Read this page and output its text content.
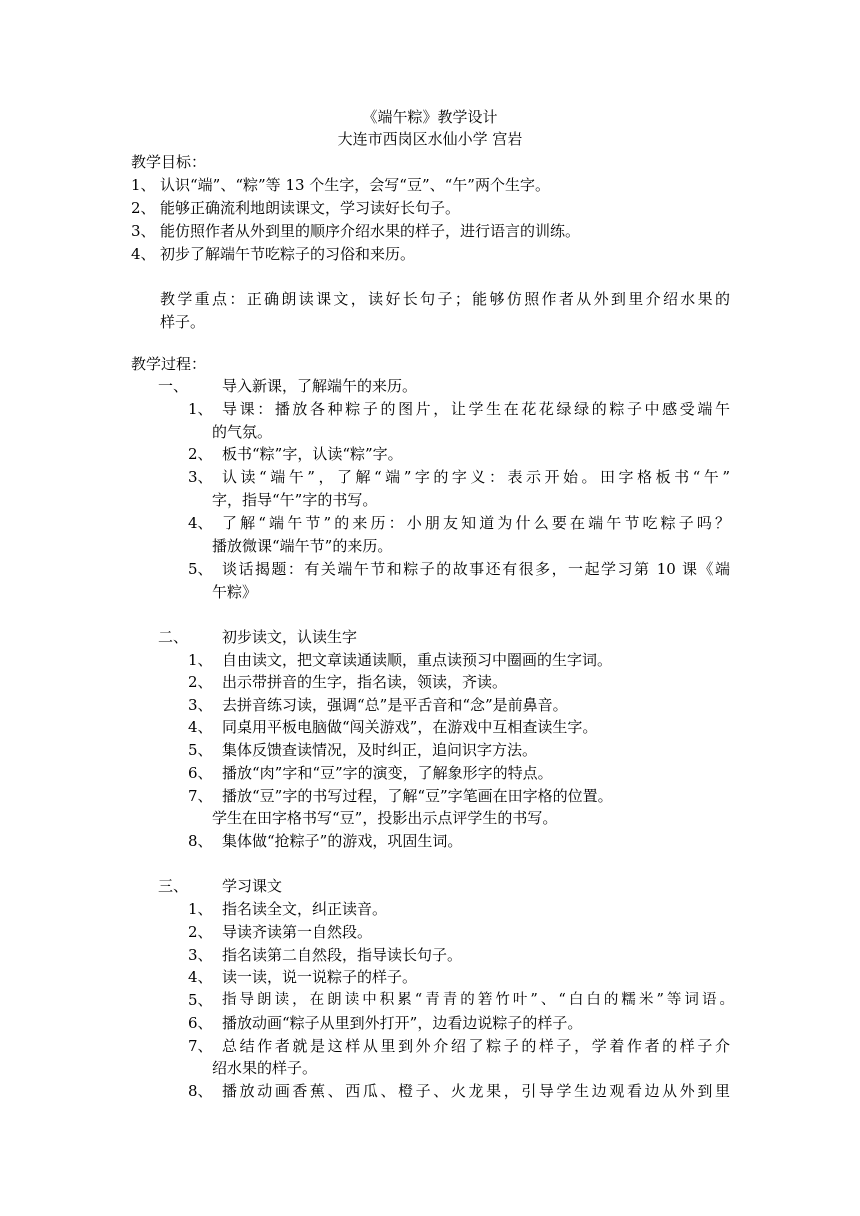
《端午粽》教学设计
大连市西岗区水仙小学 宫岩
教学目标：
1、 认识“端”、“粽”等 13 个生字，会写“豆”、“午”两个生字。
2、 能够正确流利地朗读课文，学习读好长句子。
3、 能仿照作者从外到里的顺序介绍水果的样子，进行语言的训练。
4、 初步了解端午节吃粽子的习俗和来历。
教学重点：正确朗读课文，读好长句子；能够仿照作者从外到里介绍水果的
样子。
教学过程：
一、 导入新课，了解端午的来历。
1、 导课：播放各种粽子的图片，让学生在花花绿绿的粽子中感受端午
的气氛。
2、 板书“粽”字，认读“粽”字。
3、 认读“端午”，了解“端”字的字义：表示开始。田字格板书“午”
字，指导“午”字的书写。
4、 了解“端午节”的来历：小朋友知道为什么要在端午节吃粽子吗？
播放微课“端午节”的来历。
5、 谈话揭题：有关端午节和粽子的故事还有很多，一起学习第 10 课《端
午粽》
二、 初步读文，认读生字
1、 自由读文，把文章读通读顺，重点读预习中圈画的生字词。
2、 出示带拼音的生字，指名读，领读，齐读。
3、 去拼音练习读，强调“总”是平舌音和“念”是前鼻音。
4、 同桌用平板电脑做“闯关游戏”，在游戏中互相查读生字。
5、 集体反馈查读情况，及时纠正，追问识字方法。
6、 播放“肉”字和“豆”字的演变，了解象形字的特点。
7、 播放“豆”字的书写过程，了解“豆”字笔画在田字格的位置。
学生在田字格书写“豆”，投影出示点评学生的书写。
8、 集体做“抢粽子”的游戏，巩固生词。
三、 学习课文
1、 指名读全文，纠正读音。
2、 导读齐读第一自然段。
3、 指名读第二自然段，指导读长句子。
4、 读一读，说一说粽子的样子。
5、 指导朗读，在朗读中积累“青青的箬竹叶”、“白白的糯米”等词语。
6、 播放动画“粽子从里到外打开”，边看边说粽子的样子。
7、 总结作者就是这样从里到外介绍了粽子的样子，学着作者的样子介
绍水果的样子。
8、 播放动画香蕉、西瓜、橙子、火龙果，引导学生边观看边从外到里
